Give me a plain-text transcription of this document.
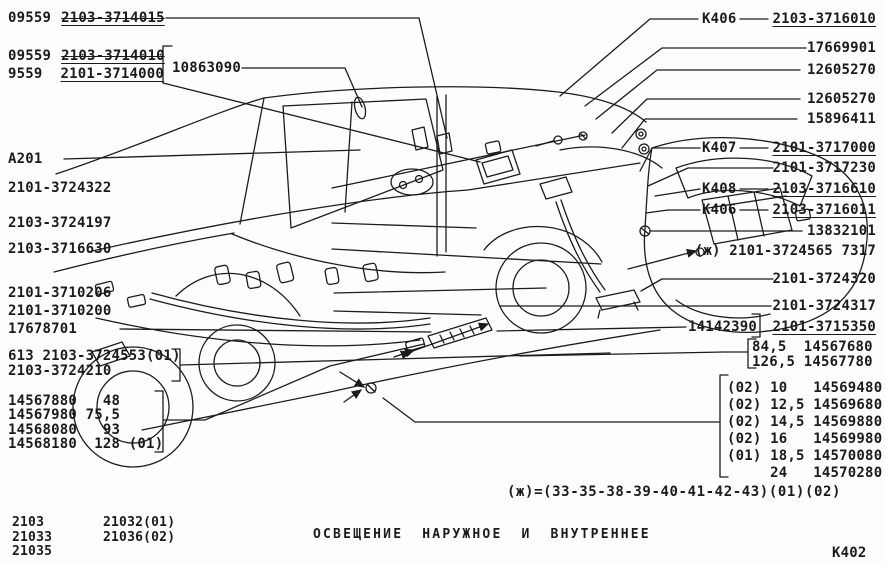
09559 2103-3714015
09559 2103-3714010
9559 2101-3714000 10863090
A201
2101-3724322
2103-3724197
2103-3716630
2101-3710206
2101-3710200
17678701
613 2103-3724553(01)
2103-3724210
14567880   48
14567980 75,5
14568080   93
14568180  128 (01)
K406	2103-3716010
17669901
12605270
12605270
15896411
K407	2101-3717000
2101-3717230
K408	2103-3716610
K406	2103-3716011
13832101
(ж) 2101-3724565 7317
2101-3724320
2101-3724317
14142390 2101-3715350
84,5  14567680
126,5 14567780
(02) 10   14569480
(02) 12,5 14569680
(02) 14,5 14569880
(02) 16   14569980
(01) 18,5 14570080
24   14570280
(ж)=(33-35-38-39-40-41-42-43)(01)(02)
2103	21032(01)
21033	21036(02)
21035
ОСВЕЩЕНИЕ НАРУЖНОЕ И ВНУТРЕННЕЕ
K402
